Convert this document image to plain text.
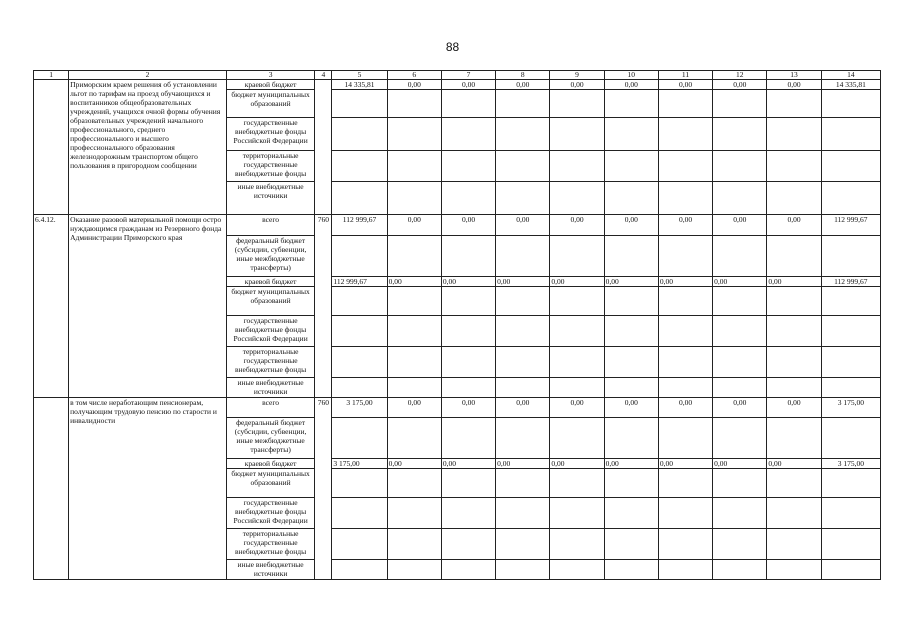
88
1	2	3	4	5	6	7	8	9	10	11	12	13	14
	Приморским краем решения об установлении льгот по тарифам на проезд обучающихся и воспитанников общеобразовательных учреждений, учащихся очной формы обучения образовательных учреждений начального профессионального, среднего профессионального и высшего профессионального образования железнодорожным транспортом общего пользования в пригородном сообщении	краевой бюджет		14 335,81	0,00	0,00	0,00	0,00	0,00	0,00	0,00	0,00	14 335,81
		бюджет муниципальных образований											
		государственные внебюджетные фонды Российской Федерации											
		территориальные государственные внебюджетные фонды											
		иные внебюджетные источники											
6.4.12.	Оказание разовой материальной помощи остро нуждающимся гражданам из Резервного фонда Администрации Приморского края	всего	760	112 999,67	0,00	0,00	0,00	0,00	0,00	0,00	0,00	0,00	112 999,67
		федеральный бюджет (субсидии, субвенции, иные межбюджетные трансферты)											
		краевой бюджет		112 999,67	0,00	0,00	0,00	0,00	0,00	0,00	0,00	0,00	112 999,67
		бюджет муниципальных образований											
		государственные внебюджетные фонды Российской Федерации											
		территориальные государственные внебюджетные фонды											
		иные внебюджетные источники											
	в том числе неработающим пенсионерам, получающим трудовую пенсию по старости и инвалидности	всего	760	3 175,00	0,00	0,00	0,00	0,00	0,00	0,00	0,00	0,00	3 175,00
		федеральный бюджет (субсидии, субвенции, иные межбюджетные трансферты)											
		краевой бюджет		3 175,00	0,00	0,00	0,00	0,00	0,00	0,00	0,00	0,00	3 175,00
		бюджет муниципальных образований											
		государственные внебюджетные фонды Российской Федерации											
		территориальные государственные внебюджетные фонды											
		иные внебюджетные источники											
